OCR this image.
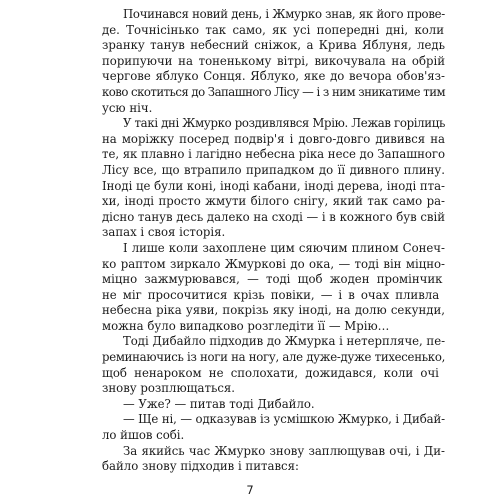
Починався новий день, і Жмурко знав, як його прове-
де. Точнісінько так само, як усі попередні дні, коли
зранку танув небесний сніжок, а Крива Яблуня, ледь
порипуючи на тоненькому вітрі, викочувала на обрій
чергове яблуко Сонця. Яблуко, яке до вечора обов'яз-
ково скотиться до Запашного Лісу — і з ним зникатиме тим
усю ніч.
У такі дні Жмурко роздивлявся Мрію. Лежав горілиць
на моріжку посеред подвір'я і довго-довго дивився на
те, як плавно і лагідно небесна ріка несе до Запашного
Лісу все, що втрапило припадком до її дивного плину.
Іноді це були коні, іноді кабани, іноді дерева, іноді пта-
хи, іноді просто жмути білого снігу, який так само ра-
дісно танув десь далеко на сході — і в кожного був свій
запах і своя історія.
І лише коли захоплене цим сяючим плином Сонеч-
ко раптом зиркало Жмуркові до ока, — тоді він міцно-
міцно зажмурювався, — тоді щоб жоден промінчик
не міг просочитися крізь повіки, — і в очах пливла
небесна ріка уяви, покрізь яку іноді, на долю секунди,
можна було випадково розгледіти її — Мрію…
Тоді Дибайло підходив до Жмурка і нетерпляче, пе-
реминаючись із ноги на ногу, але дуже-дуже тихесенько,
щоб ненароком не сполохати, дожидався, коли очі
знову розплющаться.
— Уже? — питав тоді Дибайло.
— Ще ні, — одказував із усмішкою Жмурко, і Дибай-
ло йшов собі.
За якийсь час Жмурко знову заплющував очі, і Ди-
байло знову підходив і питався:
7
